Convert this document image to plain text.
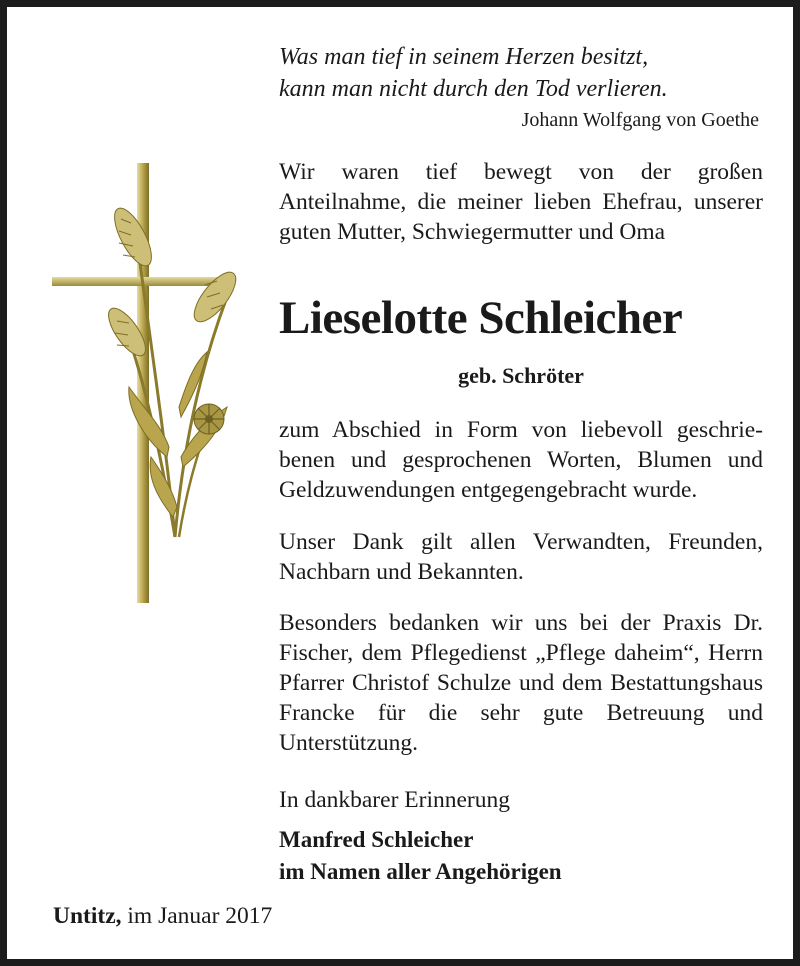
Was man tief in seinem Herzen besitzt,
kann man nicht durch den Tod verlieren.
Johann Wolfgang von Goethe
Wir waren tief bewegt von der großen Anteilnahme, die meiner lieben Ehefrau, unserer guten Mutter, Schwiegermutter und Oma
Lieselotte Schleicher
geb. Schröter
zum Abschied in Form von liebevoll geschriebenen und gesprochenen Worten, Blumen und Geldzuwendungen entgegengebracht wurde.
Unser Dank gilt allen Verwandten, Freunden, Nachbarn und Bekannten.
Besonders bedanken wir uns bei der Praxis Dr. Fischer, dem Pflegedienst „Pflege daheim“, Herrn Pfarrer Christof Schulze und dem Bestattungshaus Francke für die sehr gute Betreuung und Unterstützung.
In dankbarer Erinnerung
Manfred Schleicher
im Namen aller Angehörigen
Untitz, im Januar 2017
